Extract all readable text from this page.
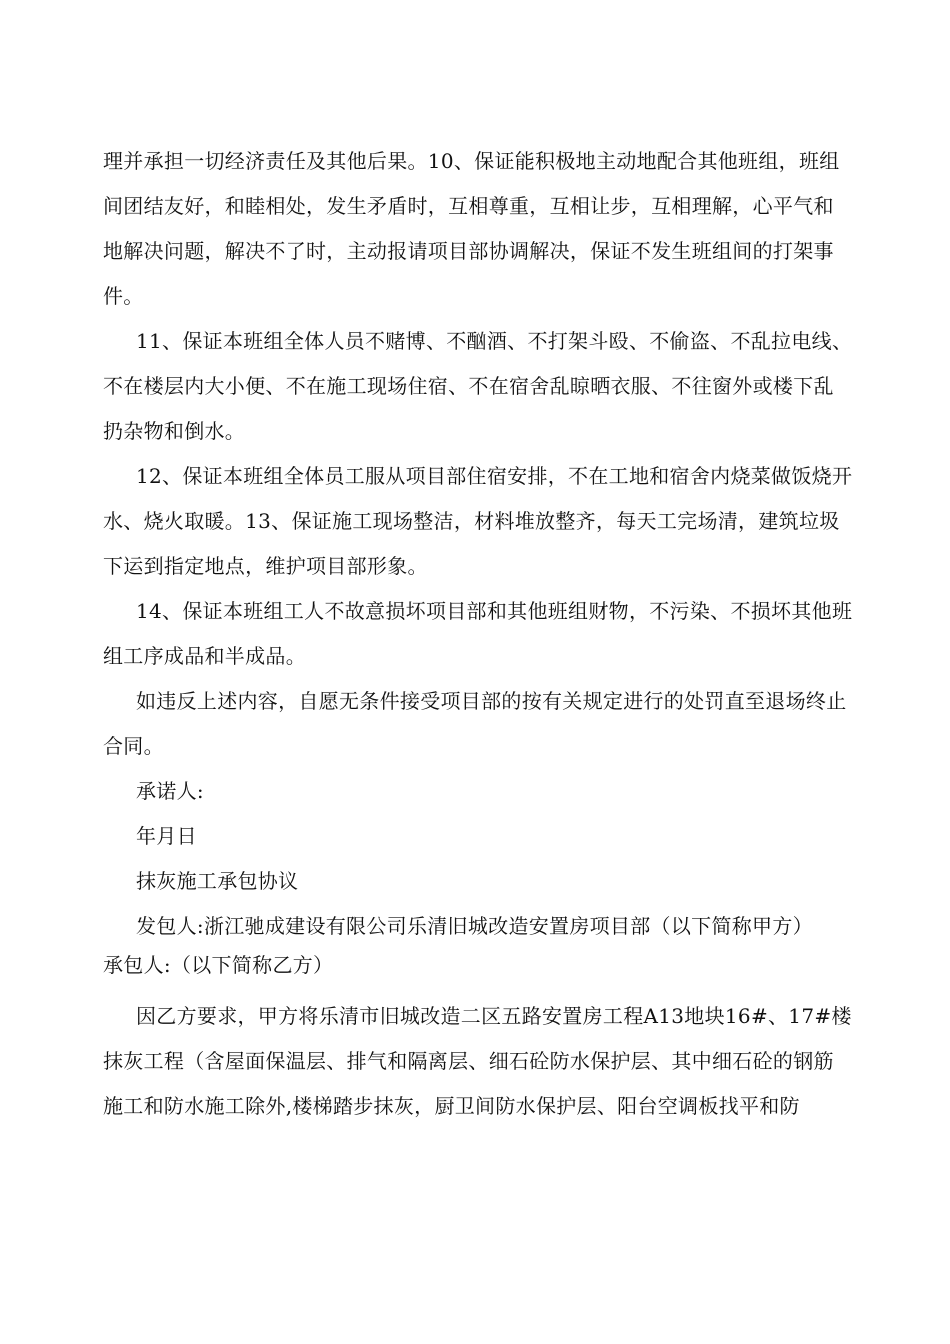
理并承担一切经济责任及其他后果。10、保证能积极地主动地配合其他班组，班组
间团结友好，和睦相处，发生矛盾时，互相尊重，互相让步，互相理解，心平气和
地解决问题，解决不了时，主动报请项目部协调解决，保证不发生班组间的打架事
件。
11、保证本班组全体人员不赌博、不酗酒、不打架斗殴、不偷盗、不乱拉电线、
不在楼层内大小便、不在施工现场住宿、不在宿舍乱晾晒衣服、不往窗外或楼下乱
扔杂物和倒水。
12、保证本班组全体员工服从项目部住宿安排，不在工地和宿舍内烧菜做饭烧开
水、烧火取暖。13、保证施工现场整洁，材料堆放整齐，每天工完场清，建筑垃圾
下运到指定地点，维护项目部形象。
14、保证本班组工人不故意损坏项目部和其他班组财物，不污染、不损坏其他班
组工序成品和半成品。
如违反上述内容，自愿无条件接受项目部的按有关规定进行的处罚直至退场终止
合同。
承诺人:
年月日
抹灰施工承包协议
发包人:浙江驰成建设有限公司乐清旧城改造安置房项目部（以下简称甲方）
承包人:（以下简称乙方）
因乙方要求，甲方将乐清市旧城改造二区五路安置房工程A13地块16#、17#楼
抹灰工程（含屋面保温层、排气和隔离层、细石砼防水保护层、其中细石砼的钢筋
施工和防水施工除外,楼梯踏步抹灰，厨卫间防水保护层、阳台空调板找平和防
